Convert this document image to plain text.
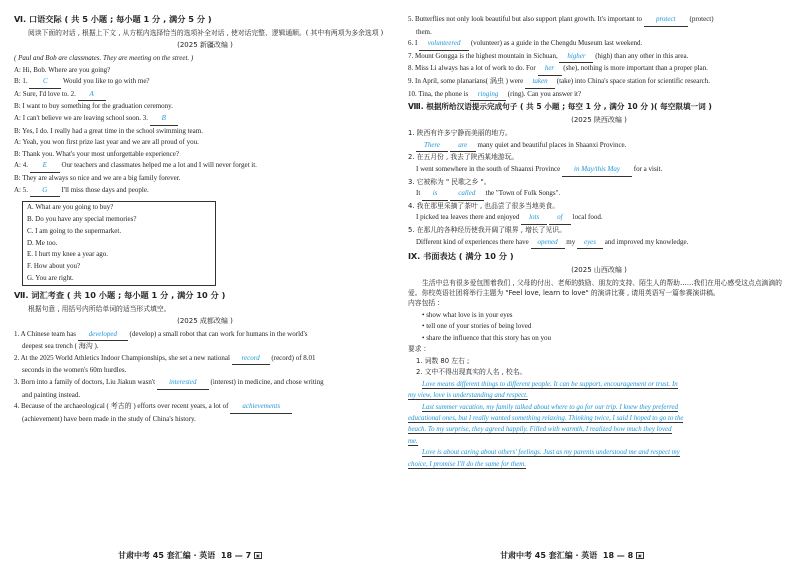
Ⅵ. 口语交际 ( 共 5 小题 ; 每小题 1 分 , 满分 5 分 )

阅读下面的对话 , 根据上下文 , 从方框内选择恰当的选项补全对话 , 使对话完整、逻辑通顺。( 其中有两项为多余选项 )

(2025 新疆改编 )
( Paul and Bob are classmates. They are meeting on the street. )
A: Hi, Bob. Where are you going?
B: 1. C Would you like to go with me?
A: Sure, I'd love to. 2. A
B: I want to buy something for the graduation ceremony.
A: I can't believe we are leaving school soon. 3. B
B: Yes, I do. I really had a great time in the school swimming team.
A: Yeah, you won first prize last year and we are all proud of you.
B: Thank you. What's your most unforgettable experience?
A: 4. E Our teachers and classmates helped me a lot and I will never forget it.
B: They are always so nice and we are a big family forever.
A: 5. G I'll miss those days and people.
A. What are you going to buy?
B. Do you have any special memories?
C. I am going to the supermarket.
D. Me too.
E. I hurt my knee a year ago.
F. How about you?
G. You are right.
Ⅶ. 词汇考查 ( 共 10 小题 ; 每小题 1 分 , 满分 10 分 )

根据句意 , 用括号内所给单词的适当形式填空。

(2025 成都改编 )
1. A Chinese team has developed (develop) a small robot that can work for humans in the world's
deepest sea trench ( 海沟 ).
2. At the 2025 World Athletics Indoor Championships, she set a new national record (record) of 8.01
seconds in the women's 60m hurdles.
3. Born into a family of doctors, Liu Jiakun wasn't interested (interest) in medicine, and chose writing
and painting instead.
4. Because of the archaeological ( 考古的 ) efforts over recent years, a lot of achievements
(achievement) have been made in the study of China's history.
5. Butterflies not only look beautiful but also support plant growth. It's important to protect (protect)
them.
6. I volunteered (volunteer) as a guide in the Chengdu Museum last weekend.
7. Mount Gongga is the highest mountain in Sichuan, higher (high) than any other in this area.
8. Miss Li always has a lot of work to do. For her (she), nothing is more important than a proper plan.
9. In April, some planarians( 涡虫 ) were taken (take) into China's space station for scientific research.
10. Tina, the phone is ringing (ring). Can you answer it?
Ⅷ. 根据所给汉语提示完成句子 ( 共 5 小题 ; 每空 1 分 , 满分 10 分 )( 每空限填一词 )
(2025 陕西改编 )
1. 陕西有许多宁静而美丽的地方。
There	are many quiet and beautiful places in Shaanxi Province.
2. 在五月份 , 我去了陕西某地游玩。
I went somewhere in the south of Shaanxi Province in May/this May for a visit.
3. 它被称为 " 民歌之乡 "。
It is	called the "Town of Folk Songs".
4. 我在那里采摘了茶叶 , 也品尝了很多当地美食。
I picked tea leaves there and enjoyed lots	of local food.
5. 在那儿的各种经历使我开阔了眼界 , 增长了见识。
Different kind of experiences there have opened my eyes and improved my knowledge.
Ⅸ. 书面表达 ( 满分 10 分 )
(2025 山西改编 )

生活中总有很多爱包围着我们 , 父母的付出、老师的鼓励、朋友的支持、陌生人的帮助……我们在用心感受这点点滴滴的爱。你校英语社团将举行主题为 "Feel love, learn to love" 的演讲比赛 , 请用英语写一篇参赛演讲稿。

内容包括 :
• show what love is in your eyes
• tell one of your stories of being loved
• share the influence that this story has on you
要求 :
1. 词数 80 左右 ;
2. 文中不得出现真实的人名 , 校名。
Love means different things to different people. It can be support, encouragement or trust. In
my view, love is understanding and respect.
Last summer vacation, my family talked about where to go for our trip. I knew they preferred
educational ones, but I really wanted something relaxing. Thinking twice, I said I hoped to go to the
beach. To my surprise, they agreed happily. Filled with warmth, I realized how much they loved
me.
Love is about caring about others' feelings. Just as my parents understood me and respect my
choice, I promise I'll do the same for them.
甘肃中考 45 套汇编 · 英语 18 — 7 ▣	甘肃中考 45 套汇编 · 英语 18 — 8 ▣
